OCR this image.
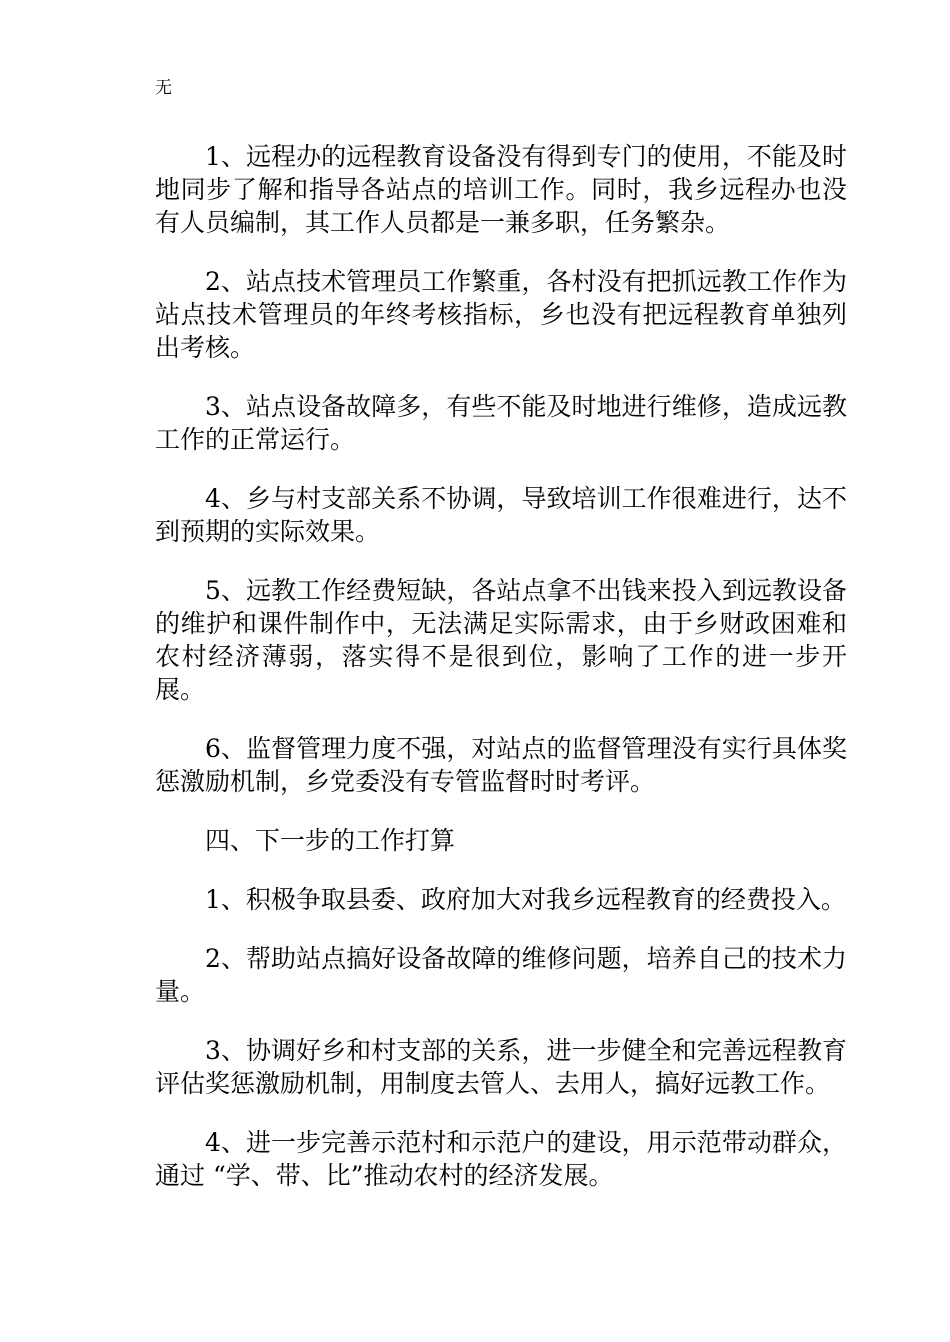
无

1、远程办的远程教育设备没有得到专门的使用，不能及时地同步了解和指导各站点的培训工作。同时，我乡远程办也没有人员编制，其工作人员都是一兼多职，任务繁杂。

2、站点技术管理员工作繁重，各村没有把抓远教工作作为站点技术管理员的年终考核指标，乡也没有把远程教育单独列出考核。

3、站点设备故障多，有些不能及时地进行维修，造成远教工作的正常运行。

4、乡与村支部关系不协调，导致培训工作很难进行，达不到预期的实际效果。

5、远教工作经费短缺，各站点拿不出钱来投入到远教设备的维护和课件制作中，无法满足实际需求，由于乡财政困难和农村经济薄弱，落实得不是很到位，影响了工作的进一步开展。

6、监督管理力度不强，对站点的监督管理没有实行具体奖惩激励机制，乡党委没有专管监督时时考评。

四、下一步的工作打算

1、积极争取县委、政府加大对我乡远程教育的经费投入。

2、帮助站点搞好设备故障的维修问题，培养自己的技术力量。

3、协调好乡和村支部的关系，进一步健全和完善远程教育评估奖惩激励机制，用制度去管人、去用人，搞好远教工作。

4、进一步完善示范村和示范户的建设，用示范带动群众，通过 “学、带、比”推动农村的经济发展。
